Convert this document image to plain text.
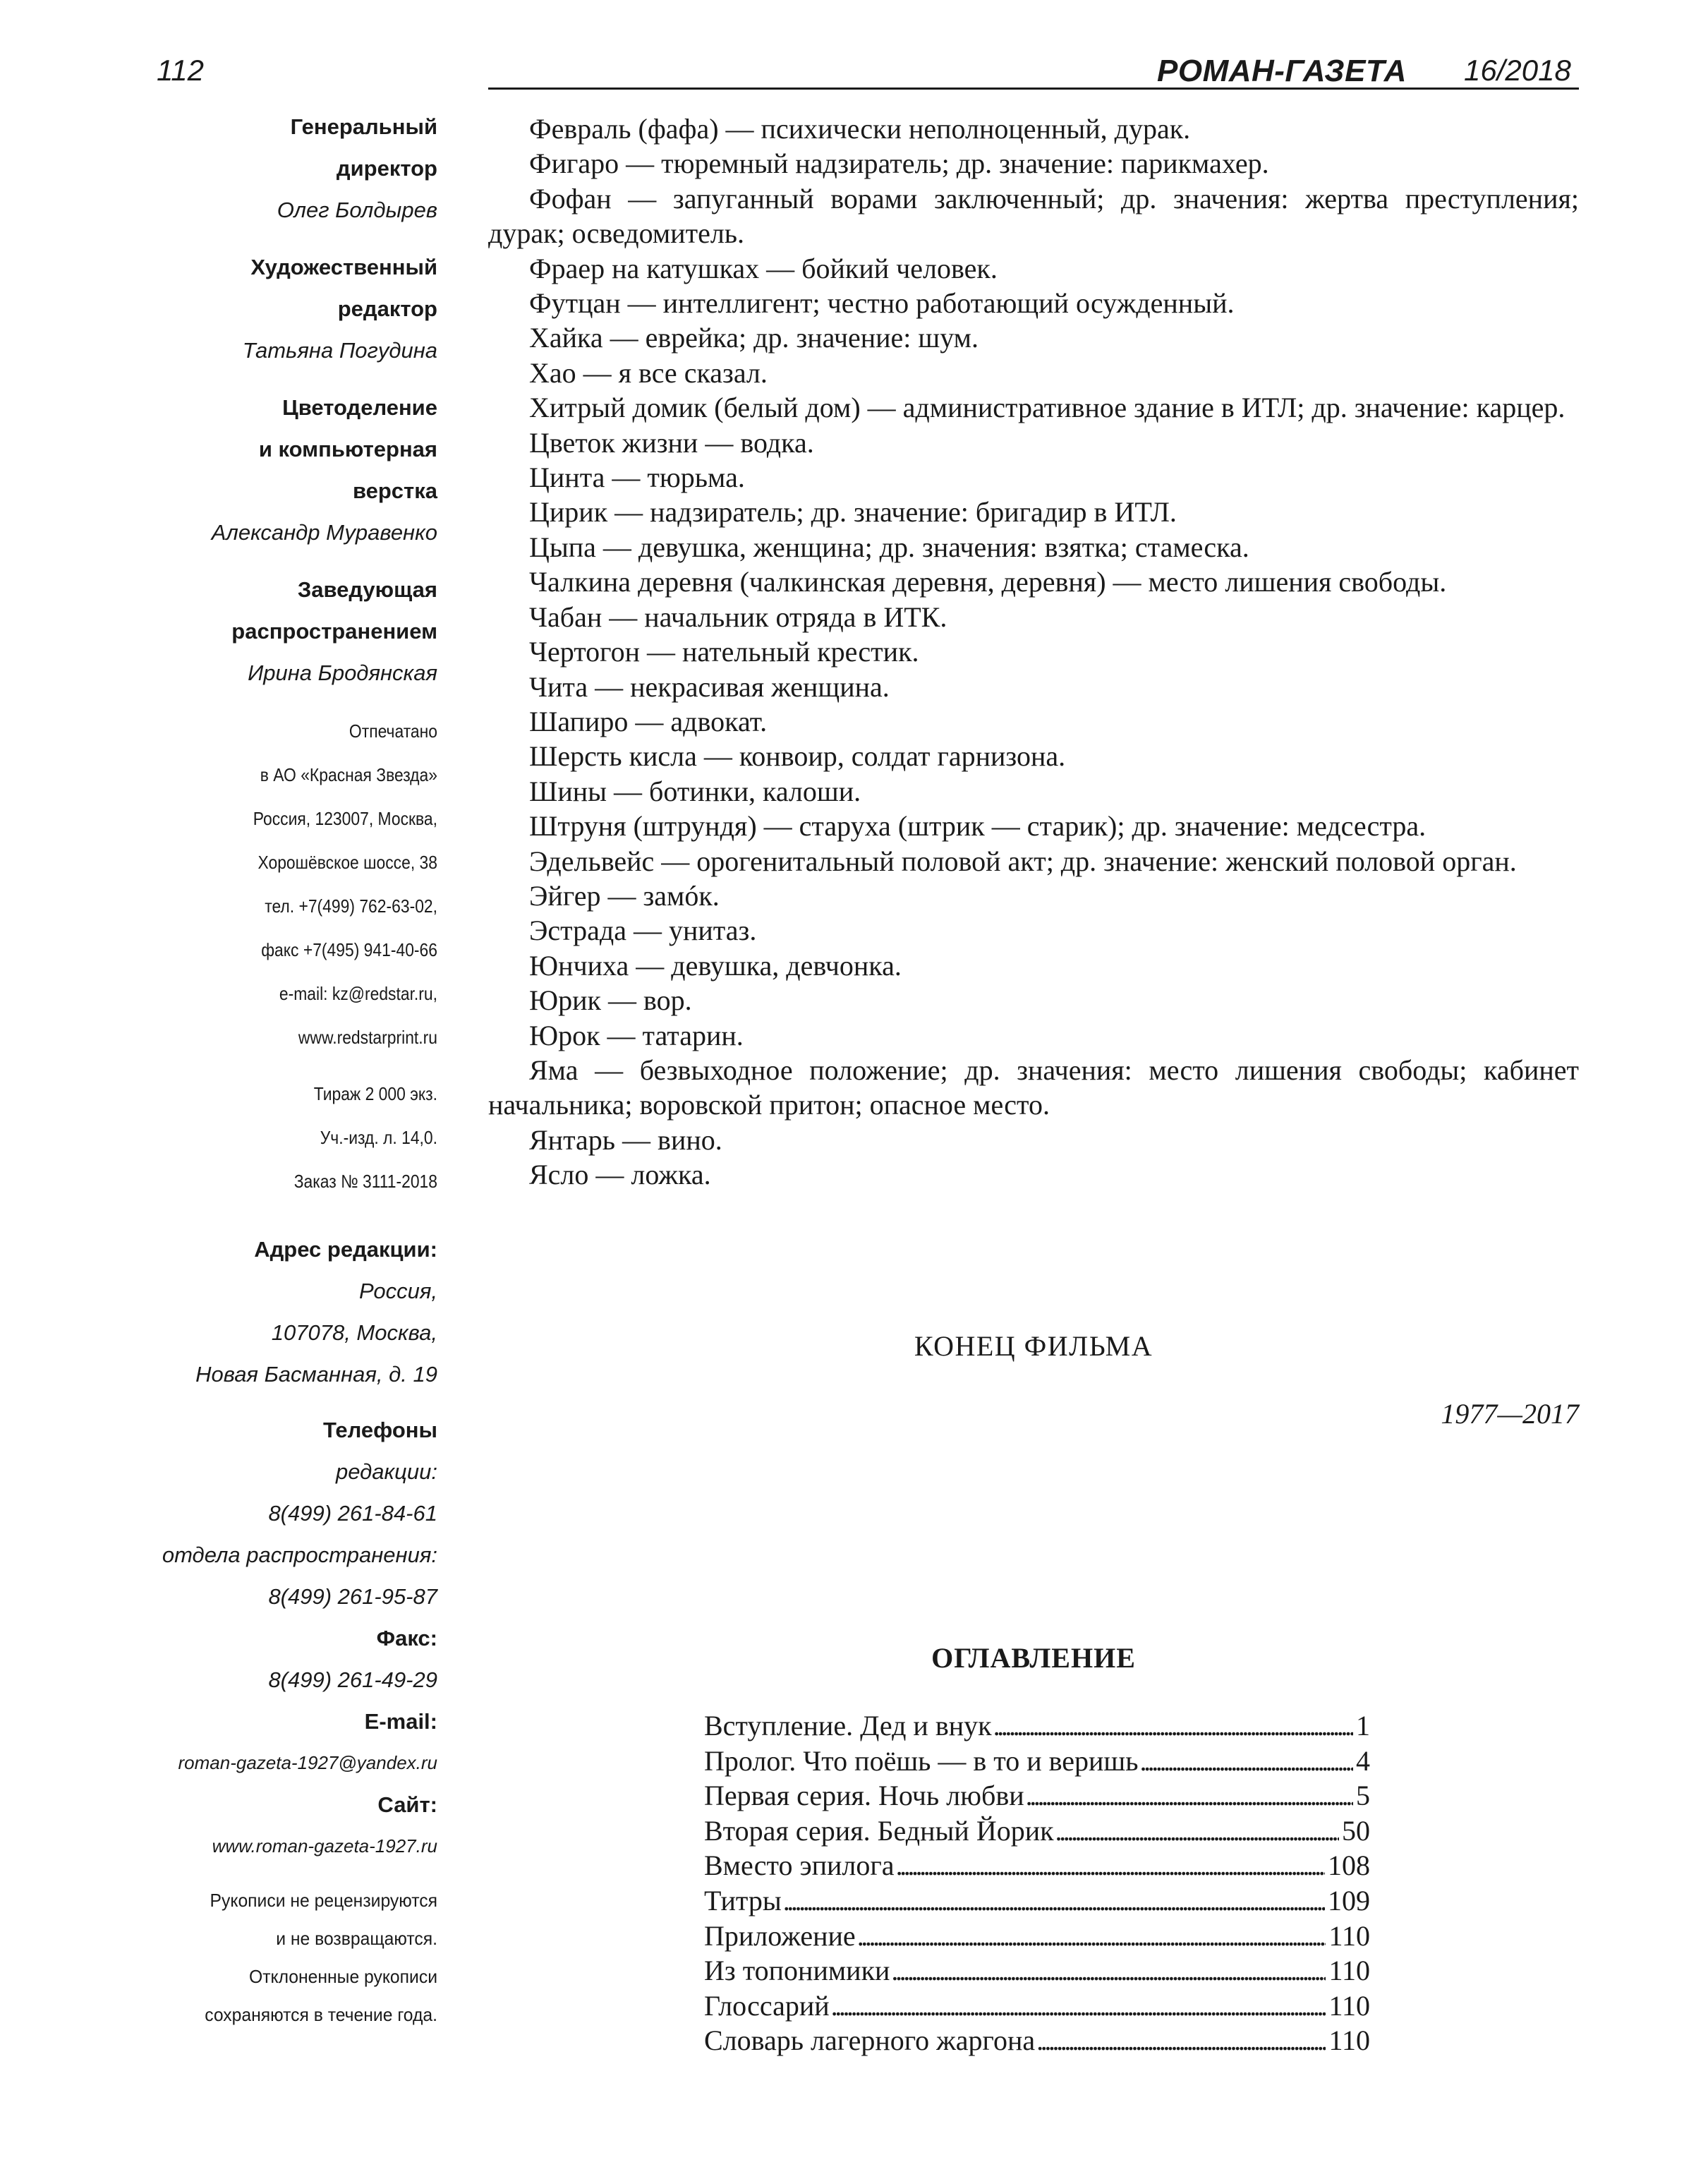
112	РОМАН-ГАЗЕТА 16/2018
Генеральный
директор
Олег Болдырев
Художественный
редактор
Татьяна Погудина
Цветоделение
и компьютерная
верстка
Александр Муравенко
Заведующая
распространением
Ирина Бродянская
Отпечатано
в АО «Красная Звезда»
Россия, 123007, Москва,
Хорошёвское шоссе, 38
тел. +7(499) 762-63-02,
факс +7(495) 941-40-66
e-mail: kz@redstar.ru,
www.redstarprint.ru
Тираж 2 000 экз.
Уч.-изд. л. 14,0.
Заказ № 3111-2018
Адрес редакции:
Россия,
107078, Москва,
Новая Басманная, д. 19
Телефоны
редакции:
8(499) 261-84-61
отдела распространения:
8(499) 261-95-87
Факс:
8(499) 261-49-29
E-mail:
roman-gazeta-1927@yandex.ru
Сайт:
www.roman-gazeta-1927.ru
Рукописи не рецензируются
и не возвращаются.
Отклоненные рукописи
сохраняются в течение года.

Февраль (фафа) — психически неполноценный, дурак.

Фигаро — тюремный надзиратель; др. значение: парикмахер.

Фофан — запуганный ворами заключенный; др. значения: жертва преступления; дурак; осведомитель.

Фраер на катушках — бойкий человек.

Футцан — интеллигент; честно работающий осужденный.

Хайка — еврейка; др. значение: шум.

Хао — я все сказал.

Хитрый домик (белый дом) — административное здание в ИТЛ; др. значение: карцер.

Цветок жизни — водка.

Цинта — тюрьма.

Цирик — надзиратель; др. значение: бригадир в ИТЛ.

Цыпа — девушка, женщина; др. значения: взятка; стамеска.

Чалкина деревня (чалкинская деревня, деревня) — место лишения свободы.

Чабан — начальник отряда в ИТК.

Чертогон — нательный крестик.

Чита — некрасивая женщина.

Шапиро — адвокат.

Шерсть кисла — конвоир, солдат гарнизона.

Шины — ботинки, калоши.

Штруня (штрундя) — старуха (штрик — старик); др. значение: медсестра.

Эдельвейс — орогенитальный половой акт; др. значение: женский половой орган.

Эйгер — замóк.

Эстрада — унитаз.

Юнчиха — девушка, девчонка.

Юрик — вор.

Юрок — татарин.

Яма — безвыходное положение; др. значения: место лишения свободы; кабинет начальника; воровской притон; опасное место.

Янтарь — вино.

Ясло — ложка.

КОНЕЦ ФИЛЬМА
1977—2017
ОГЛАВЛЕНИЕ
Вступление. Дед и внук . . .	1
Пролог. Что поёшь — в то и веришь . . .	4
Первая серия. Ночь любви . . .	5
Вторая серия. Бедный Йорик . . .	50
Вместо эпилога . . .	108
Титры . . .	109
Приложение . . .	110
Из топонимики . . .	110
Глоссарий . . .	110
Словарь лагерного жаргона . . .	110
